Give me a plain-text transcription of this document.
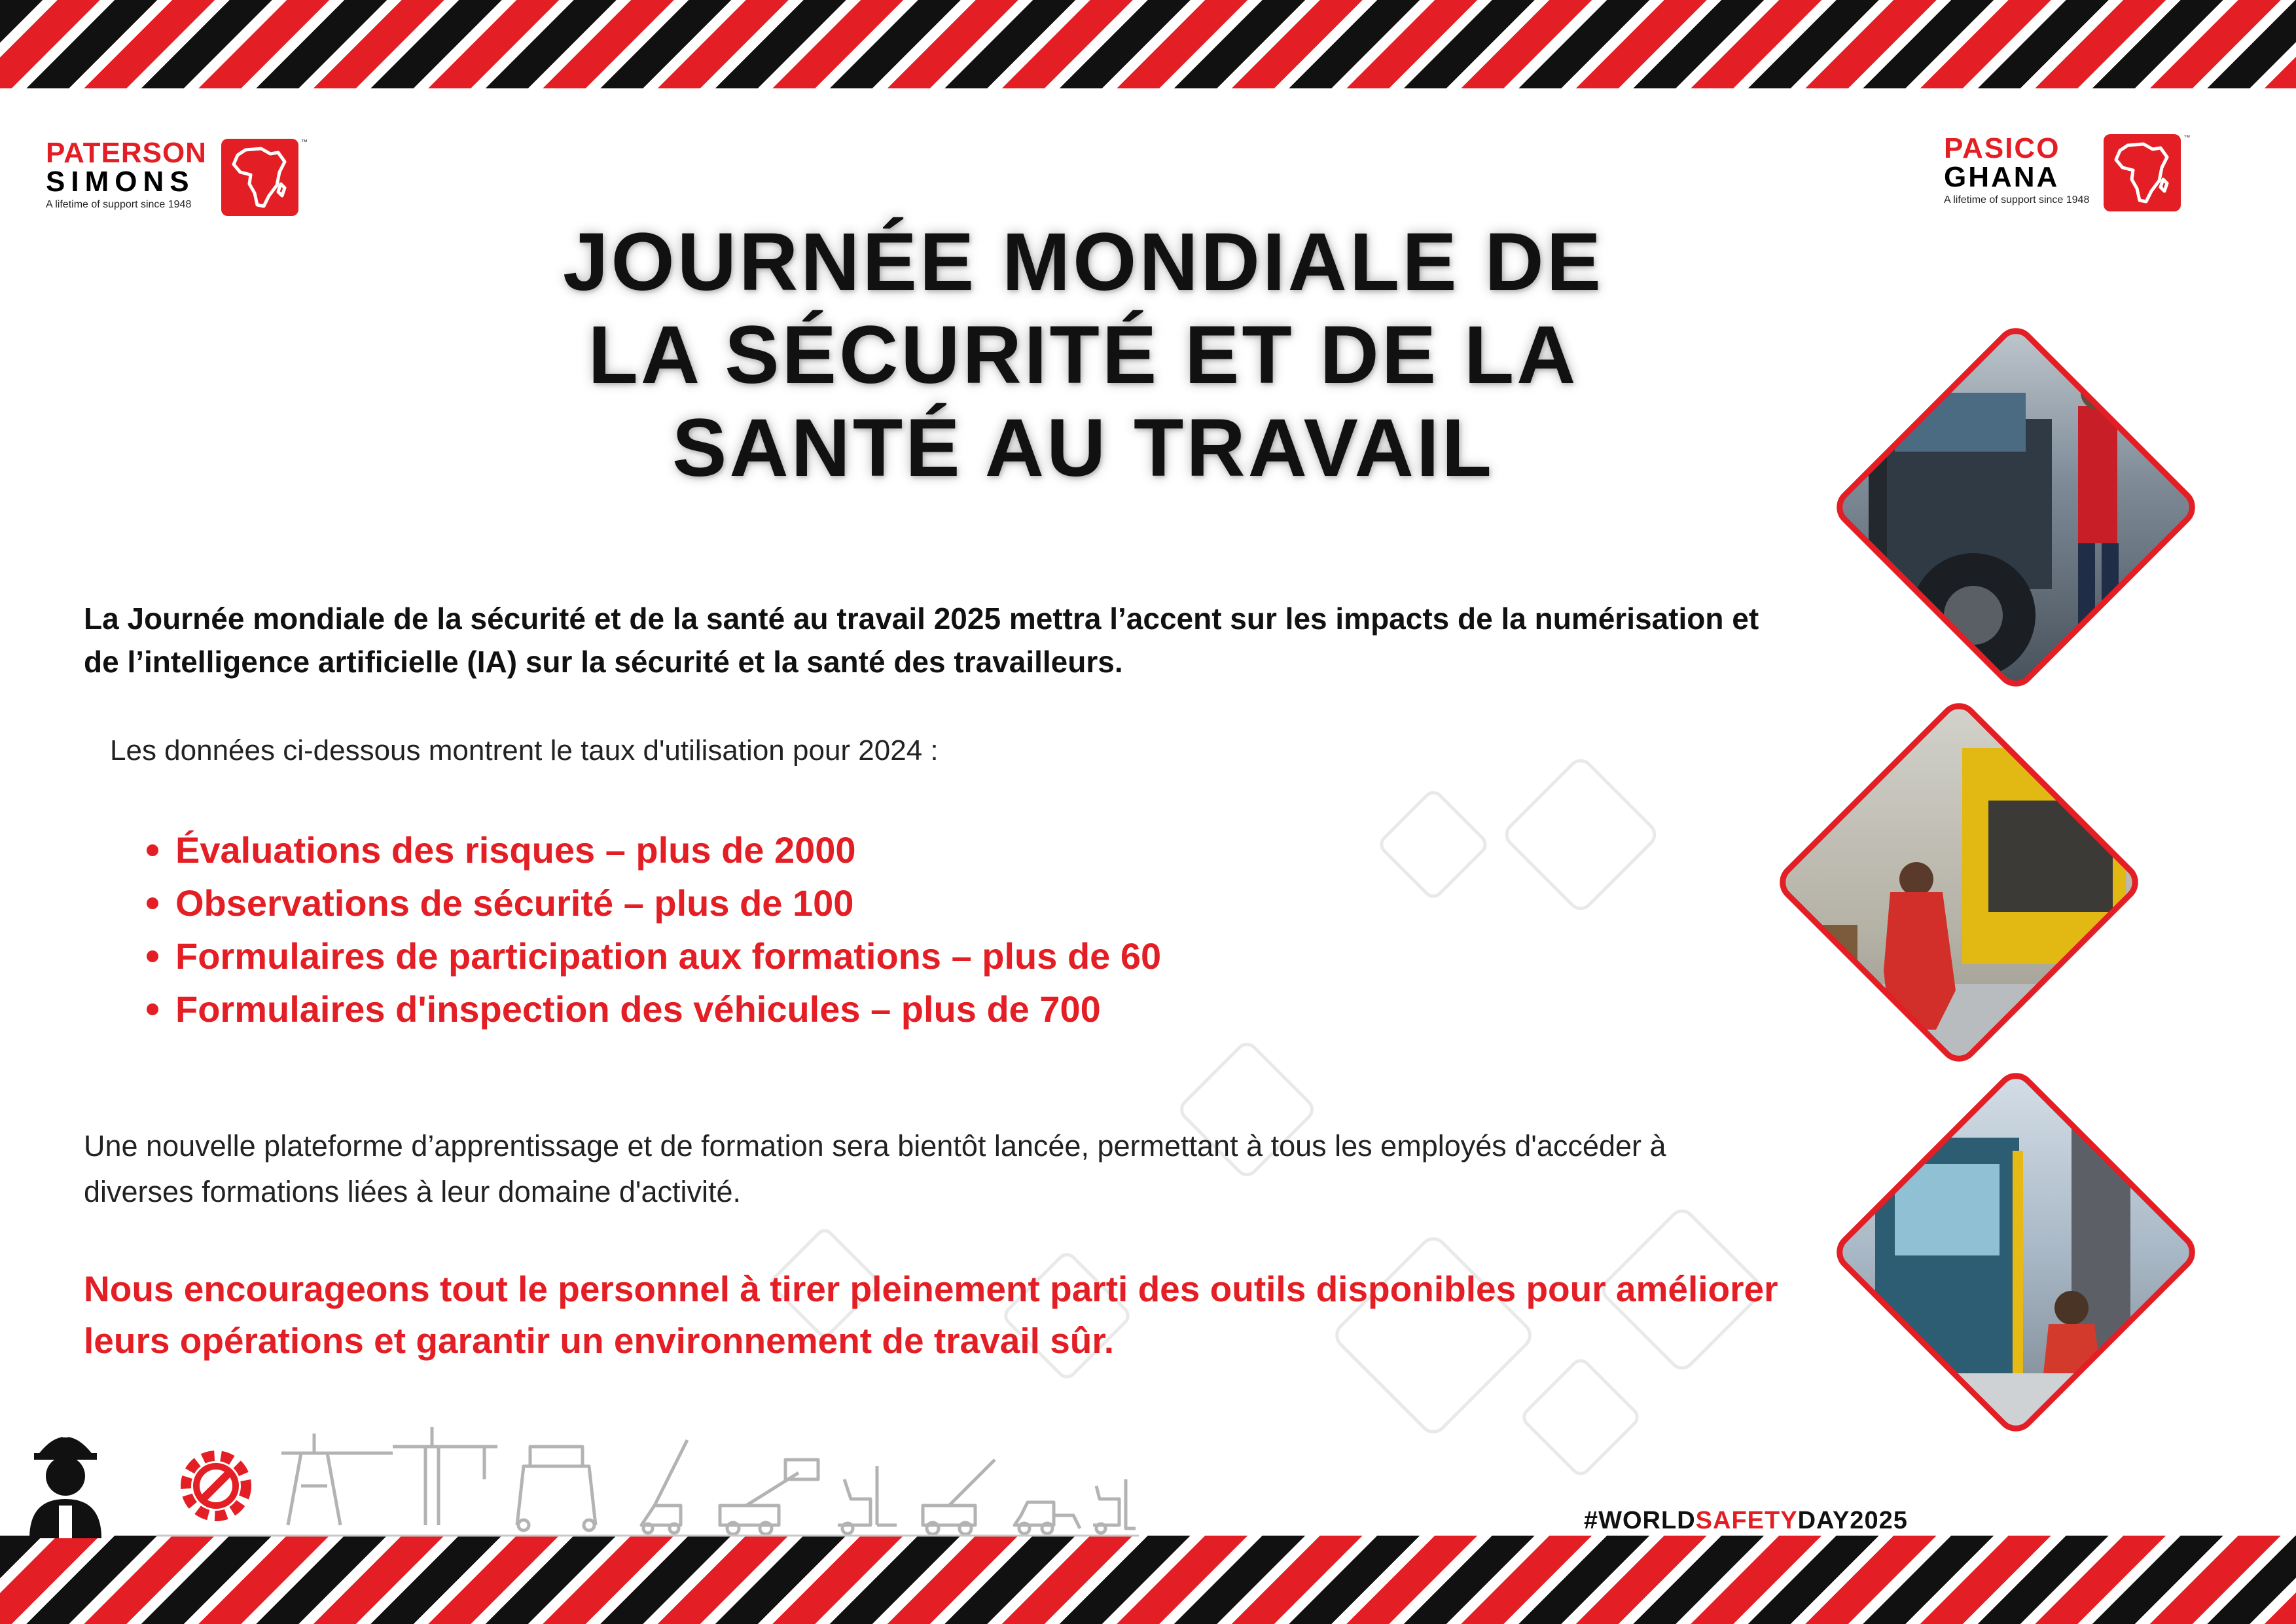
PATERSON
SIMONS
A lifetime of support since 1948
™	PASICO
GHANA
A lifetime of support since 1948
™
JOURNÉE MONDIALE DE
LA SÉCURITÉ ET DE LA
SANTÉ AU TRAVAIL
La Journée mondiale de la sécurité et de la santé au travail 2025 mettra l’accent sur les impacts de la numérisation et de l’intelligence artificielle (IA) sur la sécurité et la santé des travailleurs.
Les données ci-dessous montrent le taux d'utilisation pour 2024 :
Évaluations des risques – plus de 2000
Observations de sécurité – plus de 100
Formulaires de participation aux formations – plus de 60
Formulaires d'inspection des véhicules – plus de 700
Une nouvelle plateforme d’apprentissage et de formation sera bientôt lancée, permettant à tous les employés d'accéder à diverses formations liées à leur domaine d'activité.
Nous encourageons tout le personnel à tirer pleinement parti des outils disponibles pour améliorer leurs opérations et garantir un environnement de travail sûr.
#WORLDSAFETYDAY2025
